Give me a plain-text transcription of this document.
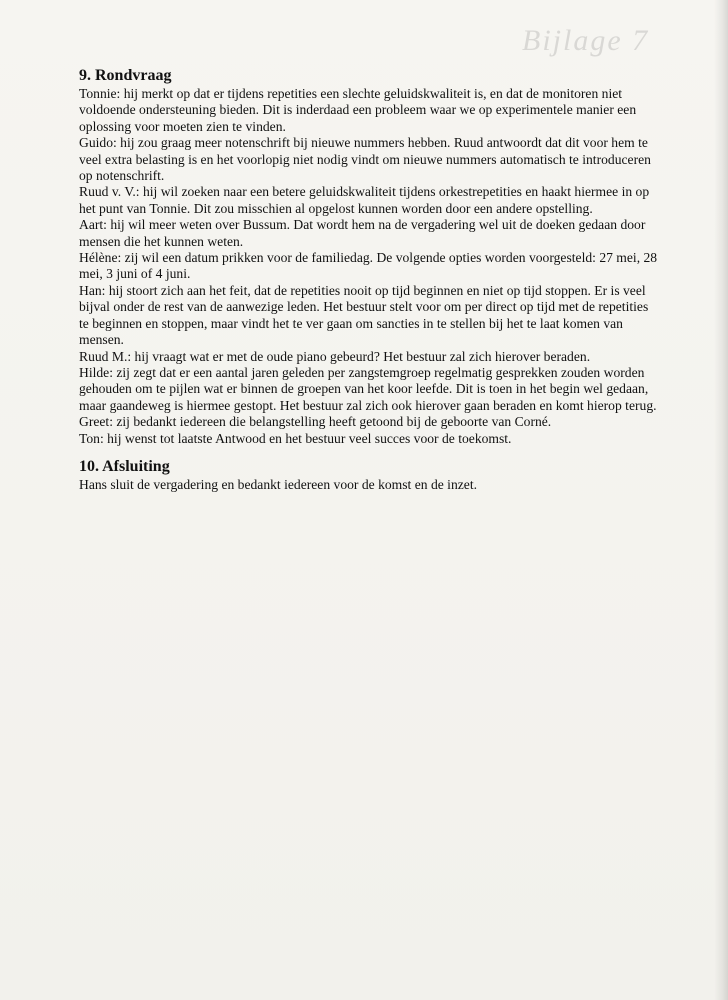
Bijlage 7
9. Rondvraag

Tonnie: hij merkt op dat er tijdens repetities een slechte geluidskwaliteit is, en dat de monitoren niet voldoende ondersteuning bieden. Dit is inderdaad een probleem waar we op experimentele manier een oplossing voor moeten zien te vinden.

Guido: hij zou graag meer notenschrift bij nieuwe nummers hebben. Ruud antwoordt dat dit voor hem te veel extra belasting is en het voorlopig niet nodig vindt om nieuwe nummers automatisch te introduceren op notenschrift.

Ruud v. V.: hij wil zoeken naar een betere geluidskwaliteit tijdens orkestrepetities en haakt hiermee in op het punt van Tonnie. Dit zou misschien al opgelost kunnen worden door een andere opstelling.

Aart: hij wil meer weten over Bussum. Dat wordt hem na de vergadering wel uit de doeken gedaan door mensen die het kunnen weten.

Hélène: zij wil een datum prikken voor de familiedag. De volgende opties worden voorgesteld: 27 mei, 28 mei, 3 juni of 4 juni.

Han: hij stoort zich aan het feit, dat de repetities nooit op tijd beginnen en niet op tijd stoppen. Er is veel bijval onder de rest van de aanwezige leden. Het bestuur stelt voor om per direct op tijd met de repetities te beginnen en stoppen, maar vindt het te ver gaan om sancties in te stellen bij het te laat komen van mensen.

Ruud M.: hij vraagt wat er met de oude piano gebeurd? Het bestuur zal zich hierover beraden.

Hilde: zij zegt dat er een aantal jaren geleden per zangstemgroep regelmatig gesprekken zouden worden gehouden om te pijlen wat er binnen de groepen van het koor leefde. Dit is toen in het begin wel gedaan, maar gaandeweg is hiermee gestopt. Het bestuur zal zich ook hierover gaan beraden en komt hierop terug.

Greet: zij bedankt iedereen die belangstelling heeft getoond bij de geboorte van Corné.

Ton: hij wenst tot laatste Antwood en het bestuur veel succes voor de toekomst.

10. Afsluiting

Hans sluit de vergadering en bedankt iedereen voor de komst en de inzet.
